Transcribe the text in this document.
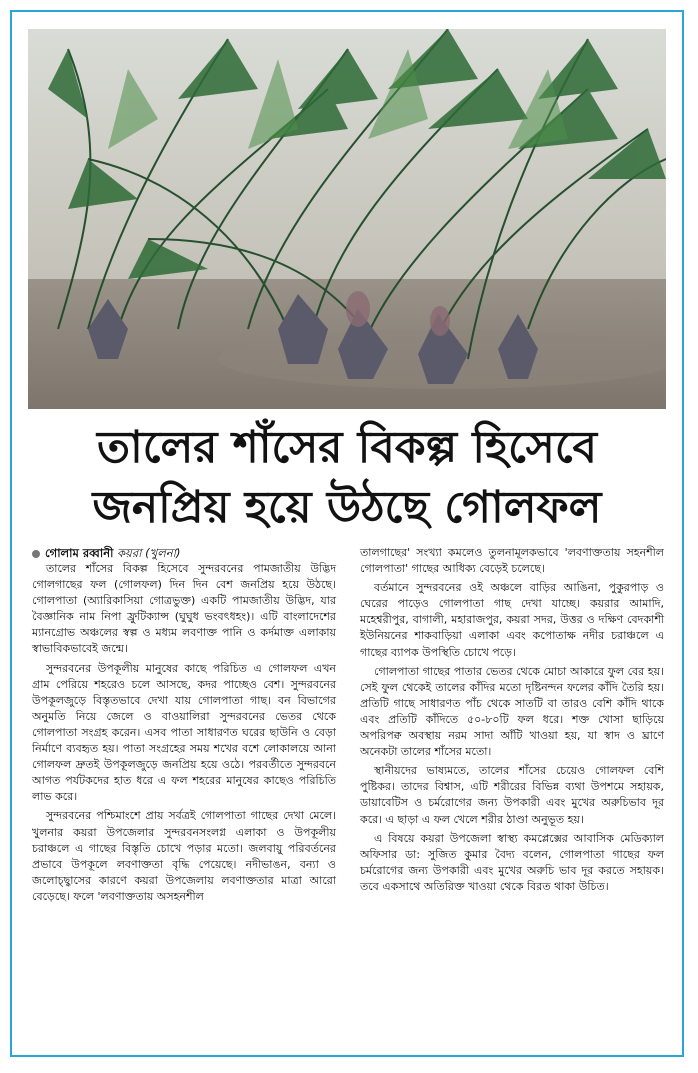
তালের শাঁসের বিকল্প হিসেবে
জনপ্রিয় হয়ে উঠছে গোলফল
গোলাম রব্বানী কয়রা (খুলনা)

তালের শাঁসের বিকল্প হিসেবে সুন্দরবনের পামজাতীয় উদ্ভিদ গোলগাছের ফল (গোলফল) দিন দিন বেশ জনপ্রিয় হয়ে উঠছে। গোলপাতা (অ্যারিকাসিয়া গোত্রভুক্ত) একটি পামজাতীয় উদ্ভিদ, যার বৈজ্ঞানিক নাম নিপা ফ্রুটিক্যান্স (ঘুঘুধ ভংবৎধহং)। এটি বাংলাদেশের ম্যানগ্রোভ অঞ্চলের স্বল্প ও মধ্যম লবণাক্ত পানি ও কর্দমাক্ত এলাকায় স্বাভাবিকভাবেই জন্মে।

সুন্দরবনের উপকূলীয় মানুষের কাছে পরিচিত এ গোলফল এখন গ্রাম পেরিয়ে শহরেও চলে আসছে, কদর পাচ্ছেও বেশ। সুন্দরবনের উপকূলজুড়ে বিস্তৃতভাবে দেখা যায় গোলপাতা গাছ। বন বিভাগের অনুমতি নিয়ে জেলে ও বাওয়ালিরা সুন্দরবনের ভেতর থেকে গোলপাতা সংগ্রহ করেন। এসব পাতা সাধারণত ঘরের ছাউনি ও বেড়া নির্মাণে ব্যবহৃত হয়। পাতা সংগ্রহের সময় শখের বশে লোকালয়ে আনা গোলফল দ্রুতই উপকূলজুড়ে জনপ্রিয় হয়ে ওঠে। পরবর্তীতে সুন্দরবনে আগত পর্যটকদের হাত ধরে এ ফল শহরের মানুষের কাছেও পরিচিতি লাভ করে।

সুন্দরবনের পশ্চিমাংশে প্রায় সর্বত্রই গোলপাতা গাছের দেখা মেলে। খুলনার কয়রা উপজেলার সুন্দরবনসংলগ্ন এলাকা ও উপকূলীয় চরাঞ্চলে এ গাছের বিস্তৃতি চোখে পড়ার মতো। জলবায়ু পরিবর্তনের প্রভাবে উপকূলে লবণাক্ততা বৃদ্ধি পেয়েছে। নদীভাঙন, বন্যা ও জলোচ্ছ্বাসের কারণে কয়রা উপজেলায় লবণাক্ততার মাত্রা আরো বেড়েছে। ফলে 'লবণাক্ততায় অসহনশীল

তালগাছের' সংখ্যা কমলেও তুলনামূলকভাবে 'লবণাক্ততায় সহনশীল গোলপাতা' গাছের আধিক্য বেড়েই চলেছে।

বর্তমানে সুন্দরবনের ওই অঞ্চলে বাড়ির আঙিনা, পুকুরপাড় ও ঘেরের পাড়েও গোলপাতা গাছ দেখা যাচ্ছে। কয়রার আমাদি, মহেশ্বরীপুর, বাগালী, মহারাজপুর, কয়রা সদর, উত্তর ও দক্ষিণ বেদকাশী ইউনিয়নের শাকবাড়িয়া এলাকা এবং কপোতাক্ষ নদীর চরাঞ্চলে এ গাছের ব্যাপক উপস্থিতি চোখে পড়ে।

গোলপাতা গাছের পাতার ভেতর থেকে মোচা আকারে ফুল বের হয়। সেই ফুল থেকেই তালের কাঁদির মতো দৃষ্টিনন্দন ফলের কাঁদি তৈরি হয়। প্রতিটি গাছে সাধারণত পাঁচ থেকে সাতটি বা তারও বেশি কাঁদি থাকে এবং প্রতিটি কাঁদিতে ৫০-৮০টি ফল ধরে। শক্ত খোসা ছাড়িয়ে অপরিপক্ব অবস্থায় নরম সাদা আঁটি খাওয়া হয়, যা স্বাদ ও ঘ্রাণে অনেকটা তালের শাঁসের মতো।

স্থানীয়দের ভাষ্যমতে, তালের শাঁসের চেয়েও গোলফল বেশি পুষ্টিকর। তাদের বিশ্বাস, এটি শরীরের বিভিন্ন ব্যথা উপশমে সহায়ক, ডায়াবেটিস ও চর্মরোগের জন্য উপকারী এবং মুখের অরুচিভাব দূর করে। এ ছাড়া এ ফল খেলে শরীর ঠাণ্ডা অনুভূত হয়।

এ বিষয়ে কয়রা উপজেলা স্বাস্থ্য কমপ্লেক্সের আবাসিক মেডিক্যাল অফিসার ডা: সুজিত কুমার বৈদ্য বলেন, গোলপাতা গাছের ফল চর্মরোগের জন্য উপকারী এবং মুখের অরুচি ভাব দূর করতে সহায়ক। তবে একসাথে অতিরিক্ত খাওয়া থেকে বিরত থাকা উচিত।
